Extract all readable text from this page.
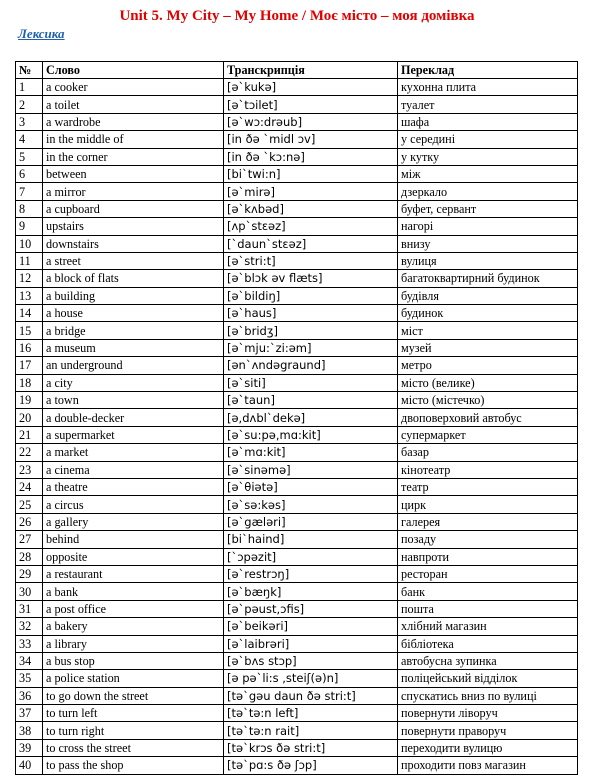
Unit 5. My City – My Home / Моє місто – моя домівка
Лексика
№	Слово	Транскрипція	Переклад
1	a cooker	[ə`kukə]	кухонна плита
2	a toilet	[ə`tɔilet]	туалет
3	a wardrobe	[ə`wɔ:drəub]	шафа
4	in the middle of	[in ðə `midl ɔv]	у середині
5	in the corner	[in ðə `kɔ:nə]	у кутку
6	between	[bi`twi:n]	між
7	a mirror	[ə`mirə]	дзеркало
8	a cupboard	[ə`kʌbəd]	буфет, сервант
9	upstairs	[ʌp`stεəz]	нагорі
10	downstairs	[`daun`stεəz]	внизу
11	a street	[ə`stri:t]	вулиця
12	a block of flats	[ə`blɔk əv flæts]	багатоквартирний будинок
13	a building	[ə`bildiŋ]	будівля
14	a house	[ə`haus]	будинок
15	a bridge	[ə`bridʒ]	міст
16	a museum	[ə`mju:`zi:əm]	музей
17	an underground	[ən`ʌndəgraund]	метро
18	a city	[ə`siti]	місто (велике)
19	a town	[ə`taun]	місто (містечко)
20	a double-decker	[ə,dʌbl`dekə]	двоповерховий автобус
21	a supermarket	[ə`su:pə,mɑ:kit]	супермаркет
22	a market	[ə`mɑ:kit]	базар
23	a cinema	[ə`sinəmə]	кінотеатр
24	a theatre	[ə`θiətə]	театр
25	a circus	[ə`sə:kəs]	цирк
26	a gallery	[ə`gæləri]	галерея
27	behind	[bi`haind]	позаду
28	opposite	[`ɔpəzit]	навпроти
29	a restaurant	[ə`restrɔŋ]	ресторан
30	a bank	[ə`bæŋk]	банк
31	a post office	[ə`pəust,ɔfis]	пошта
32	a bakery	[ə`beikəri]	хлібний магазин
33	a library	[ə`laibrəri]	бібліотека
34	a bus stop	[ə`bʌs stɔp]	автобусна зупинка
35	a police station	[ə pə`li:s ,steiʃ(ə)n]	поліцейський відділок
36	to go down the street	[tə`gəu daun ðə stri:t]	спускатись вниз по вулиці
37	to turn left	[tə`tə:n left]	повернути ліворуч
38	to turn right	[tə`tə:n rait]	повернути праворуч
39	to cross the street	[tə`krɔs ðə stri:t]	переходити вулицю
40	to pass the shop	[tə`pɑ:s ðə ʃɔp]	проходити повз магазин
